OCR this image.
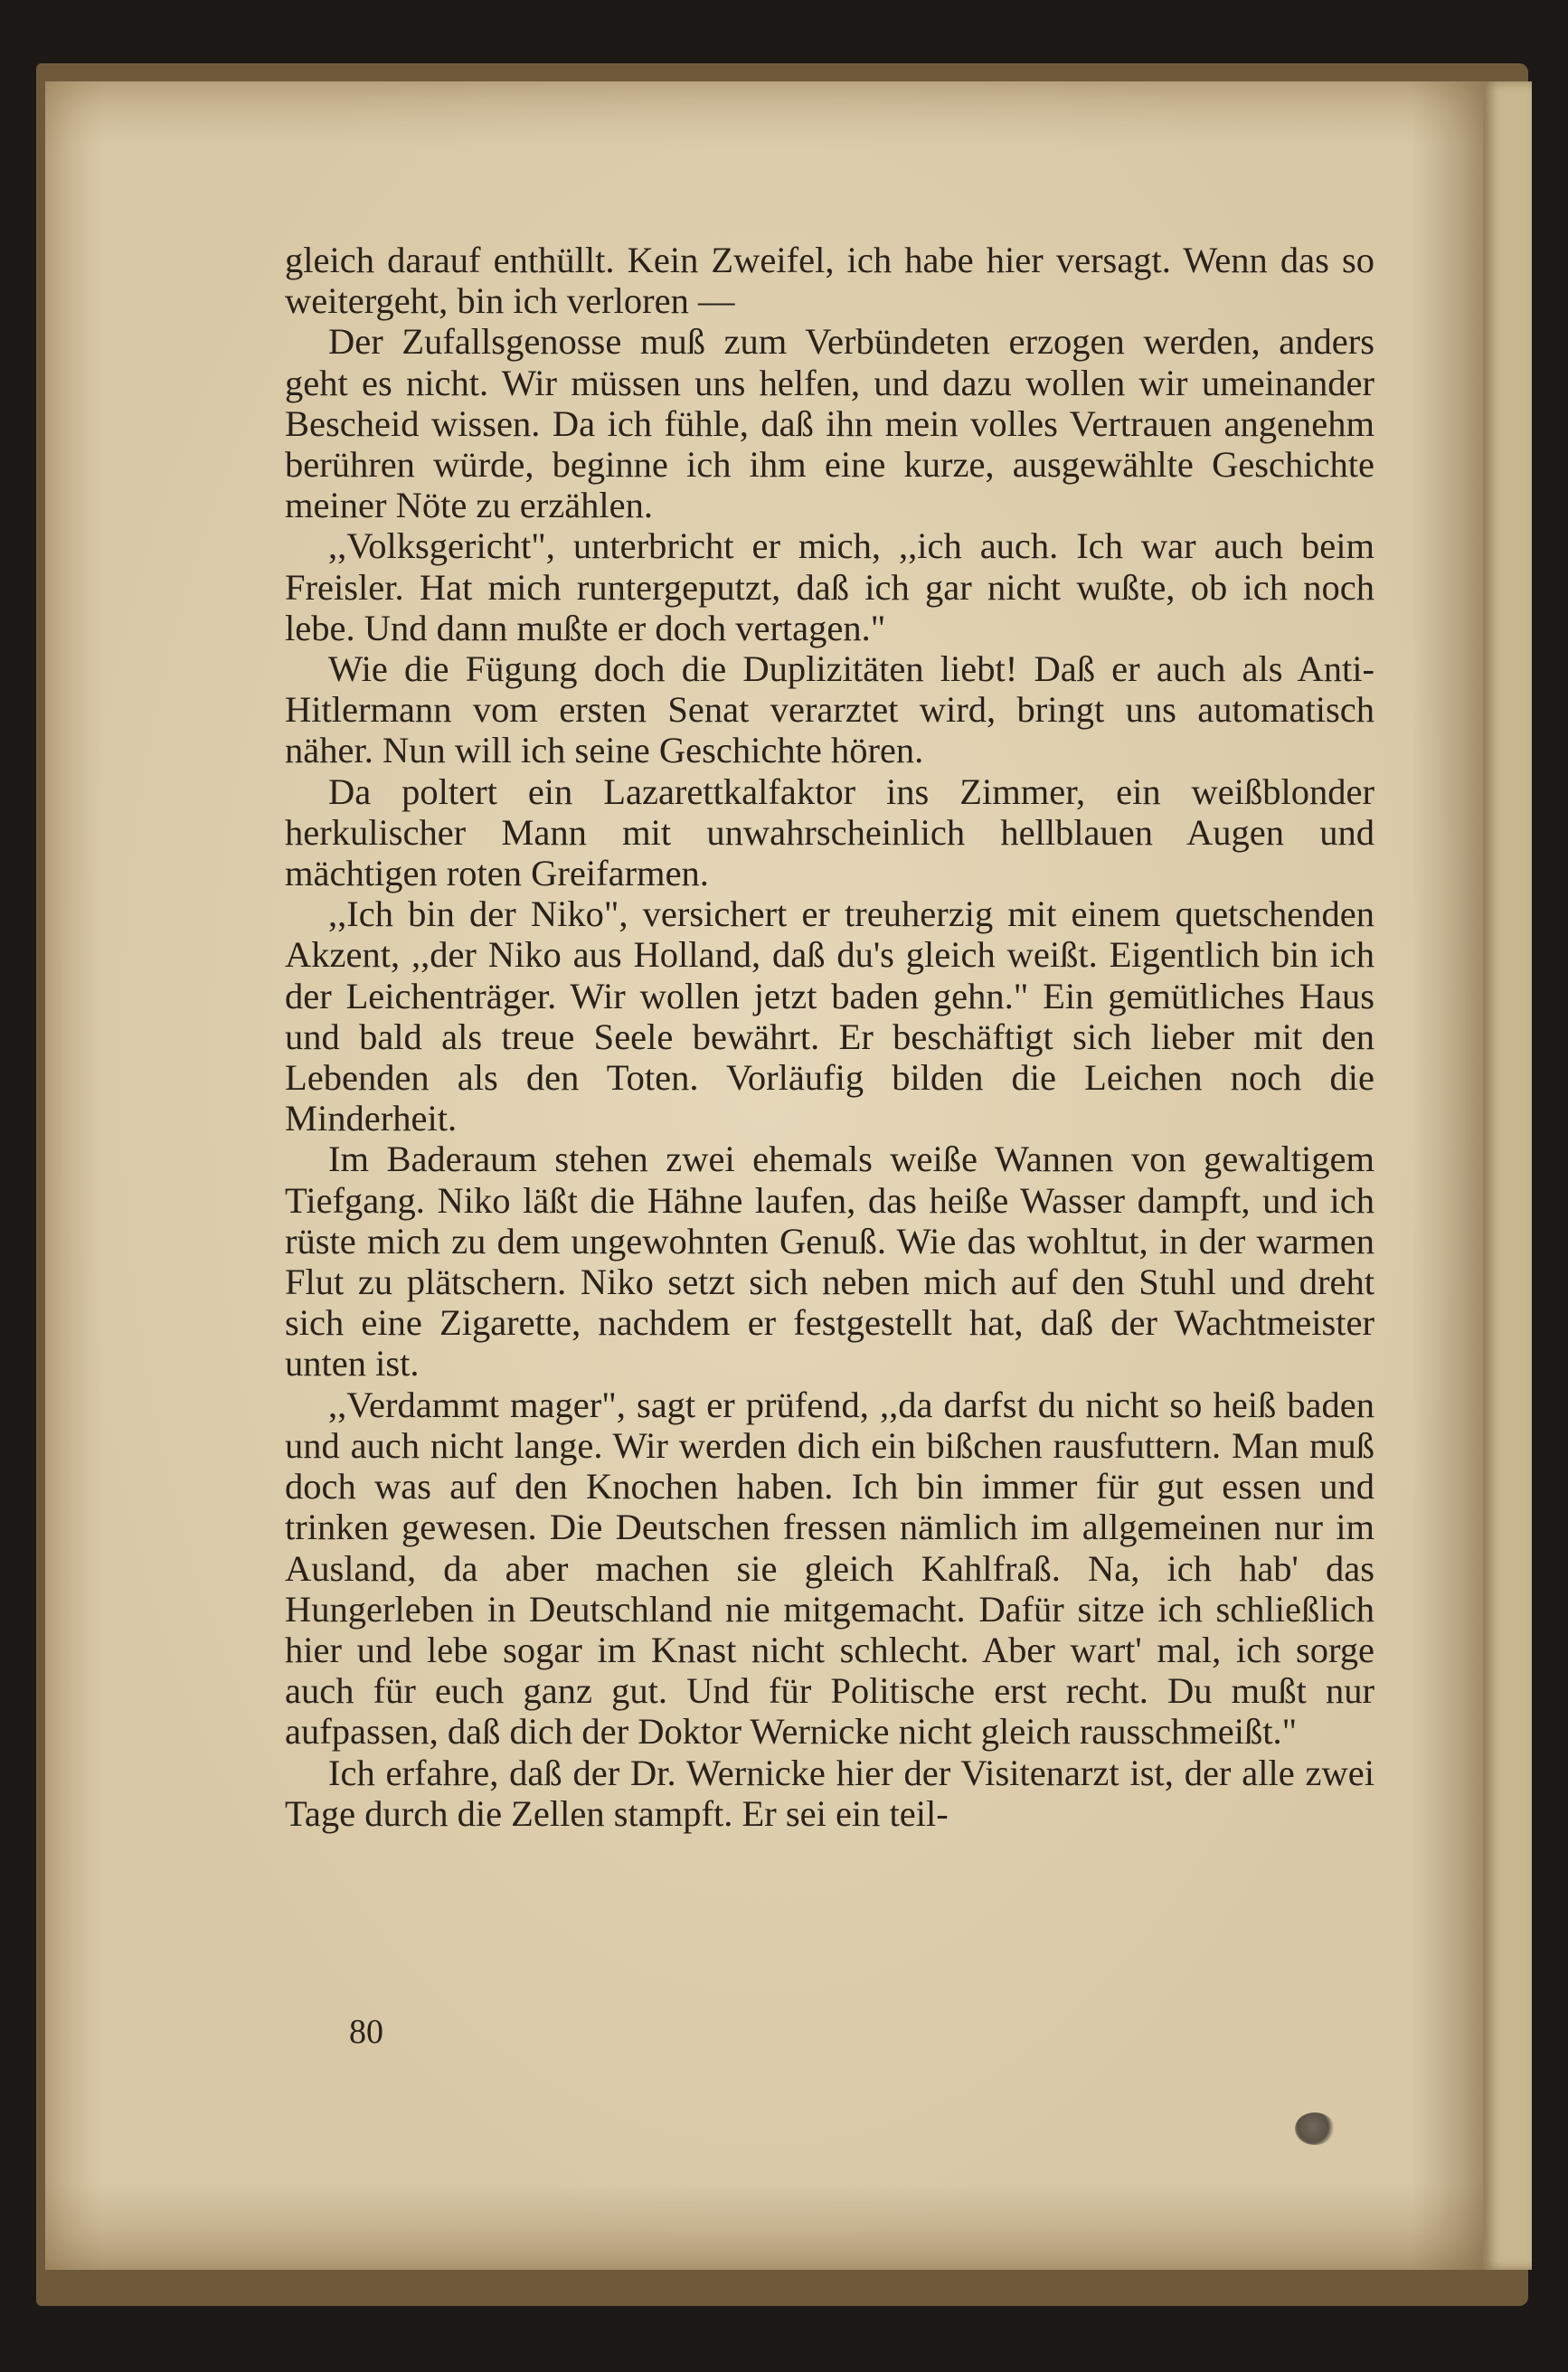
gleich darauf enthüllt. Kein Zweifel, ich habe hier versagt. Wenn das so weitergeht, bin ich verloren —

Der Zufallsgenosse muß zum Verbündeten erzogen werden, anders geht es nicht. Wir müssen uns helfen, und dazu wollen wir umeinander Bescheid wissen. Da ich fühle, daß ihn mein volles Vertrauen angenehm berühren würde, beginne ich ihm eine kurze, ausgewählte Geschichte meiner Nöte zu erzählen.

,,Volksgericht", unterbricht er mich, ,,ich auch. Ich war auch beim Freisler. Hat mich runtergeputzt, daß ich gar nicht wußte, ob ich noch lebe. Und dann mußte er doch vertagen."

Wie die Fügung doch die Duplizitäten liebt! Daß er auch als Anti-Hitlermann vom ersten Senat verarztet wird, bringt uns automatisch näher. Nun will ich seine Geschichte hören.

Da poltert ein Lazarettkalfaktor ins Zimmer, ein weißblonder herkulischer Mann mit unwahrscheinlich hellblauen Augen und mächtigen roten Greifarmen.

,,Ich bin der Niko", versichert er treuherzig mit einem quetschenden Akzent, ,,der Niko aus Holland, daß du's gleich weißt. Eigentlich bin ich der Leichenträger. Wir wollen jetzt baden gehn." Ein gemütliches Haus und bald als treue Seele bewährt. Er beschäftigt sich lieber mit den Lebenden als den Toten. Vorläufig bilden die Leichen noch die Minderheit.

Im Baderaum stehen zwei ehemals weiße Wannen von gewaltigem Tiefgang. Niko läßt die Hähne laufen, das heiße Wasser dampft, und ich rüste mich zu dem ungewohnten Genuß. Wie das wohltut, in der warmen Flut zu plätschern. Niko setzt sich neben mich auf den Stuhl und dreht sich eine Zigarette, nachdem er festgestellt hat, daß der Wachtmeister unten ist.

,,Verdammt mager", sagt er prüfend, ,,da darfst du nicht so heiß baden und auch nicht lange. Wir werden dich ein bißchen rausfuttern. Man muß doch was auf den Knochen haben. Ich bin immer für gut essen und trinken gewesen. Die Deutschen fressen nämlich im allgemeinen nur im Ausland, da aber machen sie gleich Kahlfraß. Na, ich hab' das Hungerleben in Deutschland nie mitgemacht. Dafür sitze ich schließlich hier und lebe sogar im Knast nicht schlecht. Aber wart' mal, ich sorge auch für euch ganz gut. Und für Politische erst recht. Du mußt nur aufpassen, daß dich der Doktor Wernicke nicht gleich rausschmeißt."

Ich erfahre, daß der Dr. Wernicke hier der Visitenarzt ist, der alle zwei Tage durch die Zellen stampft. Er sei ein teil-

80
